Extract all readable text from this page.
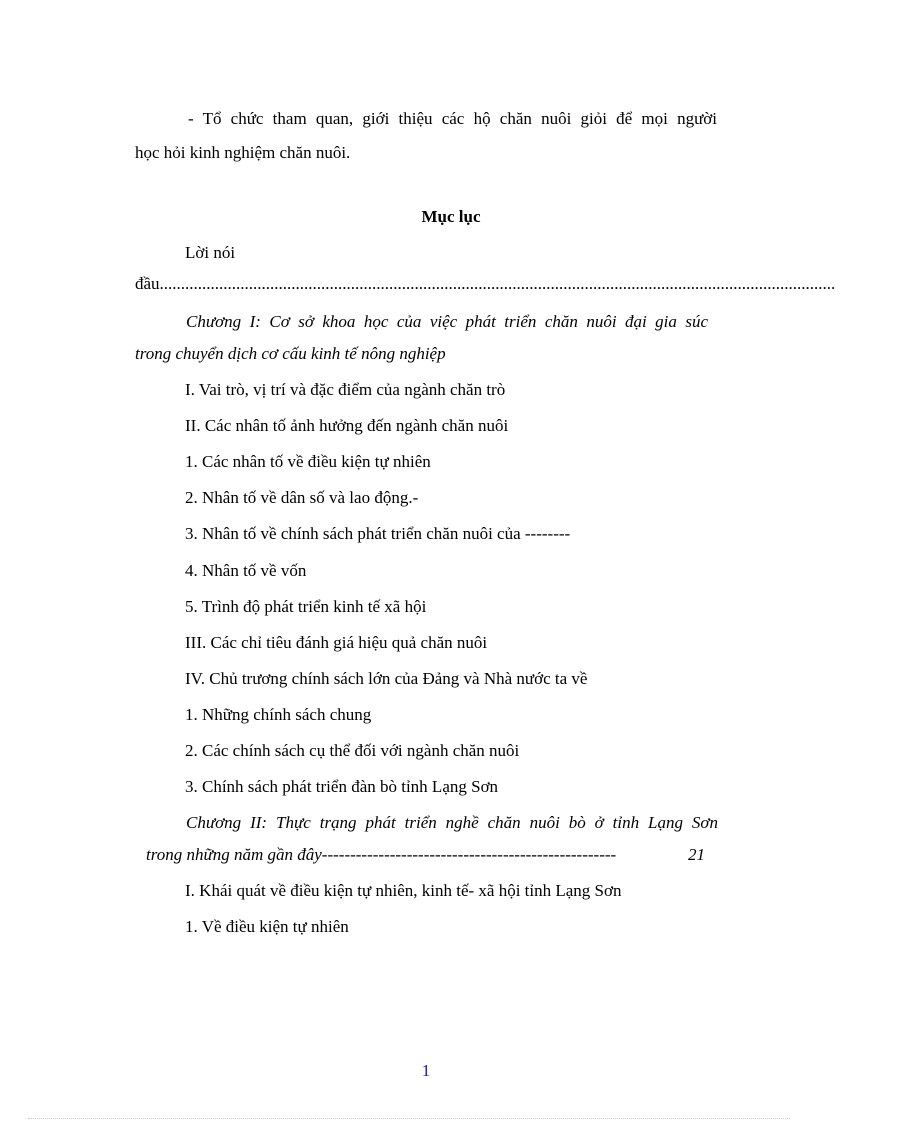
- Tổ chức tham quan, giới thiệu các hộ chăn nuôi giỏi để mọi người
học hỏi kinh nghiệm chăn nuôi.
Mục lục
Lời nói
đầu ...............................................................................................................................................................
Chương I: Cơ sở khoa học của việc phát triển chăn nuôi đại gia súc
trong chuyển dịch cơ cấu kinh tế nông nghiệp
I. Vai trò, vị trí và đặc điểm của ngành chăn trò
II. Các nhân tố ảnh hưởng đến ngành chăn nuôi
1. Các nhân tố về điều kiện tự nhiên
2. Nhân tố về dân số và lao động.-
3. Nhân tố về chính sách phát triển chăn nuôi của --------
4. Nhân tố về vốn
5. Trình độ phát triển kinh tế xã hội
III. Các chỉ tiêu đánh giá hiệu quả chăn nuôi
IV. Chủ trương chính sách lớn của Đảng và Nhà nước ta về
1. Những chính sách chung
2. Các chính sách cụ thể đối với ngành chăn nuôi
3. Chính sách phát triển đàn bò tỉnh Lạng Sơn
Chương II: Thực trạng phát triển nghề chăn nuôi bò ở tỉnh Lạng Sơn
trong những năm gần đây----------------------------------------------------	21
I. Khái quát về điều kiện tự nhiên, kinh tế- xã hội tỉnh Lạng Sơn
1. Về điều kiện tự nhiên
1
